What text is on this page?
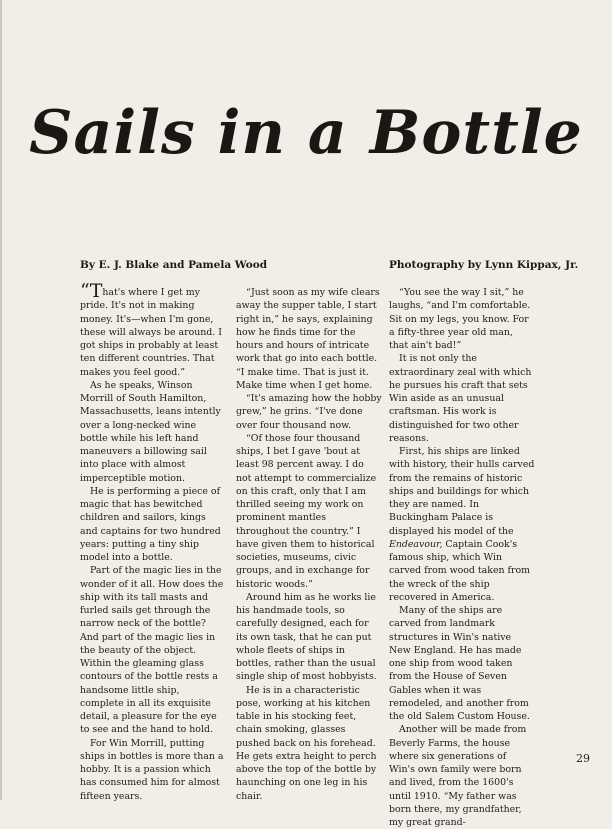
Sails in a Bottle
By E. J. Blake and Pamela Wood	Photography by Lynn Kippax, Jr.

“That's where I get my pride. It's not in making money. It's—when I'm gone, these will always be around. I got ships in probably at least ten different countries. That makes you feel good.”

As he speaks, Winson Morrill of South Hamilton, Massachusetts, leans intently over a long-necked wine bottle while his left hand maneuvers a billowing sail into place with almost imperceptible motion.

He is performing a piece of magic that has bewitched children and sailors, kings and captains for two hundred years: putting a tiny ship model into a bottle.

Part of the magic lies in the wonder of it all. How does the ship with its tall masts and furled sails get through the narrow neck of the bottle? And part of the magic lies in the beauty of the object. Within the gleaming glass contours of the bottle rests a handsome little ship, complete in all its exquisite detail, a pleasure for the eye to see and the hand to hold.

For Win Morrill, putting ships in bottles is more than a hobby. It is a passion which has consumed him for almost fifteen years.

“Just soon as my wife clears away the supper table, I start right in,” he says, explaining how he finds time for the hours and hours of intricate work that go into each bottle. “I make time. That is just it. Make time when I get home.

“It's amazing how the hobby grew,” he grins. “I've done over four thousand now.

“Of those four thousand ships, I bet I gave 'bout at least 98 percent away. I do not attempt to commercialize on this craft, only that I am thrilled seeing my work on prominent mantles throughout the country.” I have given them to historical societies, museums, civic groups, and in exchange for historic woods.”

Around him as he works lie his handmade tools, so carefully designed, each for its own task, that he can put whole fleets of ships in bottles, rather than the usual single ship of most hobbyists.

He is in a characteristic pose, working at his kitchen table in his stocking feet, chain smoking, glasses pushed back on his forehead. He gets extra height to perch above the top of the bottle by haunching on one leg in his chair.

“You see the way I sit,” he laughs, “and I'm comfortable. Sit on my legs, you know. For a fifty-three year old man, that ain't bad!”

It is not only the extraordinary zeal with which he pursues his craft that sets Win aside as an unusual craftsman. His work is distinguished for two other reasons.

First, his ships are linked with history, their hulls carved from the remains of historic ships and buildings for which they are named. In Buckingham Palace is displayed his model of the Endeavour, Captain Cook's famous ship, which Win carved from wood taken from the wreck of the ship recovered in America.

Many of the ships are carved from landmark structures in Win's native New England. He has made one ship from wood taken from the House of Seven Gables when it was remodeled, and another from the old Salem Custom House.

Another will be made from Beverly Farms, the house where six generations of Win's own family were born and lived, from the 1600's until 1910. “My father was born there, my grandfather, my great grand-

29
